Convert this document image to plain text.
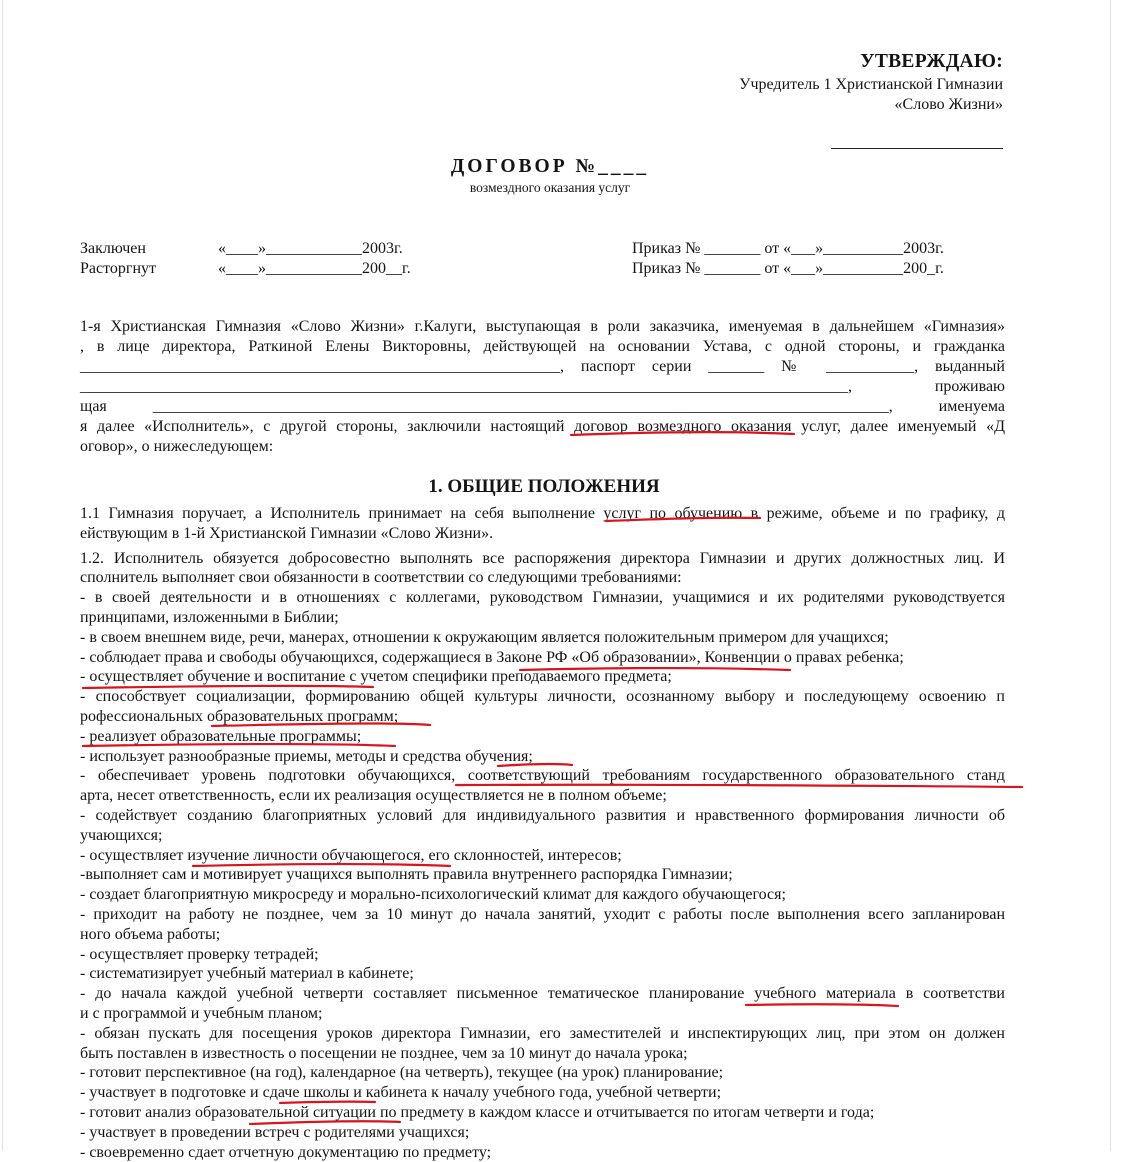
УТВЕРЖДАЮ:
Учредитель 1 Христианской Гимназии
«Слово Жизни»
ДОГОВОР №____
возмездного оказания услуг
Заключен	«____»____________2003г.
Расторгнут	«____»____________200__г.
Приказ № _______ от «___»__________2003г.
Приказ № _______ от «___»__________200_г.

1-я Христианская Гимназия «Слово Жизни» г.Калуги, выступающая в роли заказчика, именуемая в дальнейшем «Гимназия»

, в лице директора, Раткиной Елены Викторовны, действующей на основании Устава, с одной стороны, и гражданка

____________________________________________________________, паспорт серии _______ № ___________, выданный

________________________________________________________________________________________________, проживаю

щая ____________________________________________________________________________________________, именуема

я далее «Исполнитель», с другой стороны, заключили настоящий договор возмездного оказания услуг, далее именуемый «Д

оговор», о нижеследующем:

1. ОБЩИЕ ПОЛОЖЕНИЯ

1.1 Гимназия поручает, а Исполнитель принимает на себя выполнение услуг по обучению в режиме, объеме и по графику, д

ействующим в 1-й Христианской Гимназии «Слово Жизни».

1.2. Исполнитель обязуется добросовестно выполнять все распоряжения директора Гимназии и других должностных лиц. И

сполнитель выполняет свои обязанности в соответствии со следующими требованиями:

- в своей деятельности и в отношениях с коллегами, руководством Гимназии, учащимися и их родителями руководствуется

принципами, изложенными в Библии;

- в своем внешнем виде, речи, манерах, отношении к окружающим является положительным примером для учащихся;

- соблюдает права и свободы обучающихся, содержащиеся в Законе РФ «Об образовании», Конвенции о правах ребенка;

- осуществляет обучение и воспитание с учетом специфики преподаваемого предмета;

- способствует социализации, формированию общей культуры личности, осознанному выбору и последующему освоению п

рофессиональных образовательных программ;

- реализует образовательные программы;

- использует разнообразные приемы, методы и средства обучения;

- обеспечивает уровень подготовки обучающихся, соответствующий требованиям государственного образовательного станд

арта, несет ответственность, если их реализация осуществляется не в полном объеме;

- содействует созданию благоприятных условий для индивидуального развития и нравственного формирования личности об

учающихся;

- осуществляет изучение личности обучающегося, его склонностей, интересов;

-выполняет сам и мотивирует учащихся выполнять правила внутреннего распорядка Гимназии;

- создает благоприятную микросреду и морально-психологический климат для каждого обучающегося;

- приходит на работу не позднее, чем за 10 минут до начала занятий, уходит с работы после выполнения всего запланирован

ного объема работы;

- осуществляет проверку тетрадей;

- систематизирует учебный материал в кабинете;

- до начала каждой учебной четверти составляет письменное тематическое планирование учебного материала в соответстви

и с программой и учебным планом;

- обязан пускать для посещения уроков директора Гимназии, его заместителей и инспектирующих лиц, при этом он должен

быть поставлен в известность о посещении не позднее, чем за 10 минут до начала урока;

- готовит перспективное (на год), календарное (на четверть), текущее (на урок) планирование;

- участвует в подготовке и сдаче школы и кабинета к началу учебного года, учебной четверти;

- готовит анализ образовательной ситуации по предмету в каждом классе и отчитывается по итогам четверти и года;

- участвует в проведении встреч с родителями учащихся;

- своевременно сдает отчетную документацию по предмету;
